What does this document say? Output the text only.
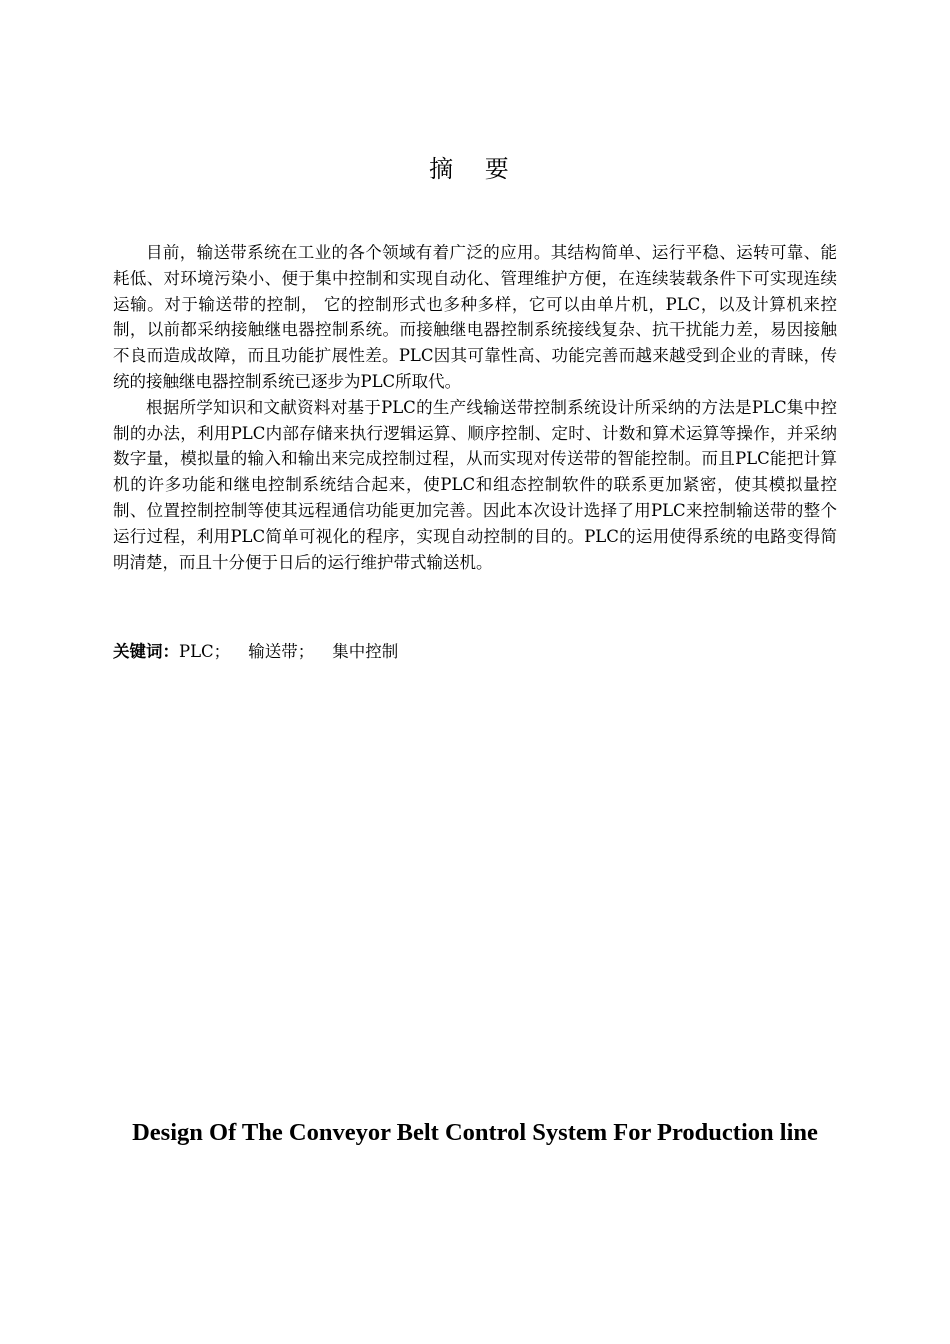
摘 要

目前，输送带系统在工业的各个领域有着广泛的应用。其结构简单、运行平稳、运转可靠、能耗低、对环境污染小、便于集中控制和实现自动化、管理维护方便，在连续装载条件下可实现连续运输。对于输送带的控制， 它的控制形式也多种多样，它可以由单片机，PLC，以及计算机来控制，以前都采纳接触继电器控制系统。而接触继电器控制系统接线复杂、抗干扰能力差，易因接触不良而造成故障，而且功能扩展性差。PLC因其可靠性高、功能完善而越来越受到企业的青睐，传统的接触继电器控制系统已逐步为PLC所取代。

根据所学知识和文献资料对基于PLC的生产线输送带控制系统设计所采纳的方法是PLC集中控制的办法，利用PLC内部存储来执行逻辑运算、顺序控制、定时、计数和算术运算等操作，并采纳数字量，模拟量的输入和输出来完成控制过程，从而实现对传送带的智能控制。而且PLC能把计算机的许多功能和继电控制系统结合起来，使PLC和组态控制软件的联系更加紧密，使其模拟量控制、位置控制控制等使其远程通信功能更加完善。因此本次设计选择了用PLC来控制输送带的整个运行过程，利用PLC简单可视化的程序，实现自动控制的目的。PLC的运用使得系统的电路变得简明清楚，而且十分便于日后的运行维护带式输送机。

关键词：PLC； 输送带； 集中控制

Design Of The Conveyor Belt Control System For Production line
